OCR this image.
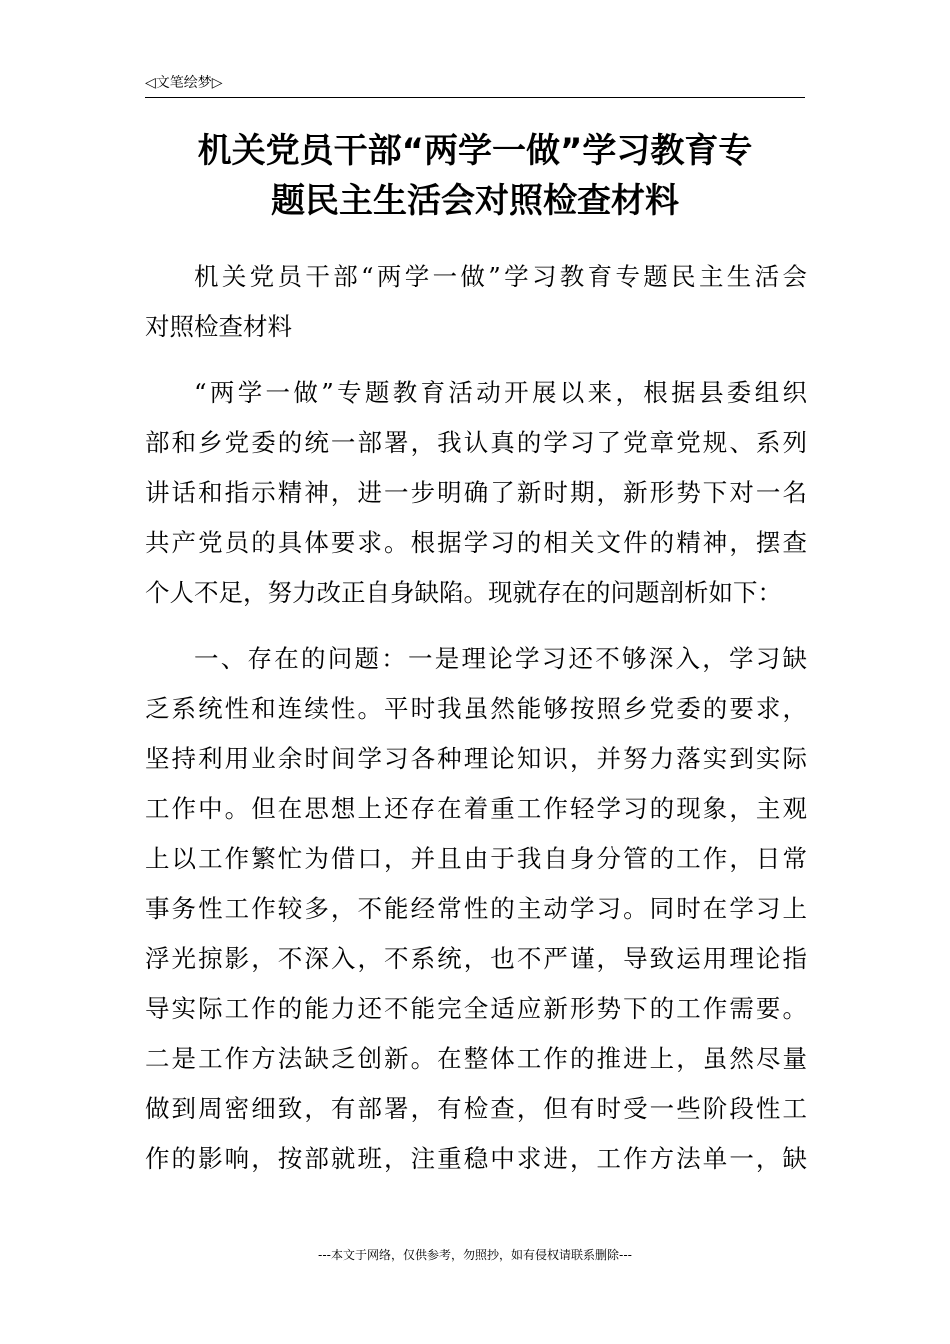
◁文笔绘梦▷
机关党员干部“两学一做”学习教育专
题民主生活会对照检查材料

机关党员干部“两学一做”学习教育专题民主生活会
对照检查材料

“两学一做”专题教育活动开展以来，根据县委组织
部和乡党委的统一部署，我认真的学习了党章党规、系列
讲话和指示精神，进一步明确了新时期，新形势下对一名
共产党员的具体要求。根据学习的相关文件的精神，摆查
个人不足，努力改正自身缺陷。现就存在的问题剖析如下：

一、存在的问题：一是理论学习还不够深入，学习缺
乏系统性和连续性。平时我虽然能够按照乡党委的要求，
坚持利用业余时间学习各种理论知识，并努力落实到实际
工作中。但在思想上还存在着重工作轻学习的现象，主观
上以工作繁忙为借口，并且由于我自身分管的工作，日常
事务性工作较多，不能经常性的主动学习。同时在学习上
浮光掠影，不深入，不系统，也不严谨，导致运用理论指
导实际工作的能力还不能完全适应新形势下的工作需要。
二是工作方法缺乏创新。在整体工作的推进上，虽然尽量
做到周密细致，有部署，有检查，但有时受一些阶段性工
作的影响，按部就班，注重稳中求进，工作方法单一，缺

---本文于网络，仅供参考，勿照抄，如有侵权请联系删除---
